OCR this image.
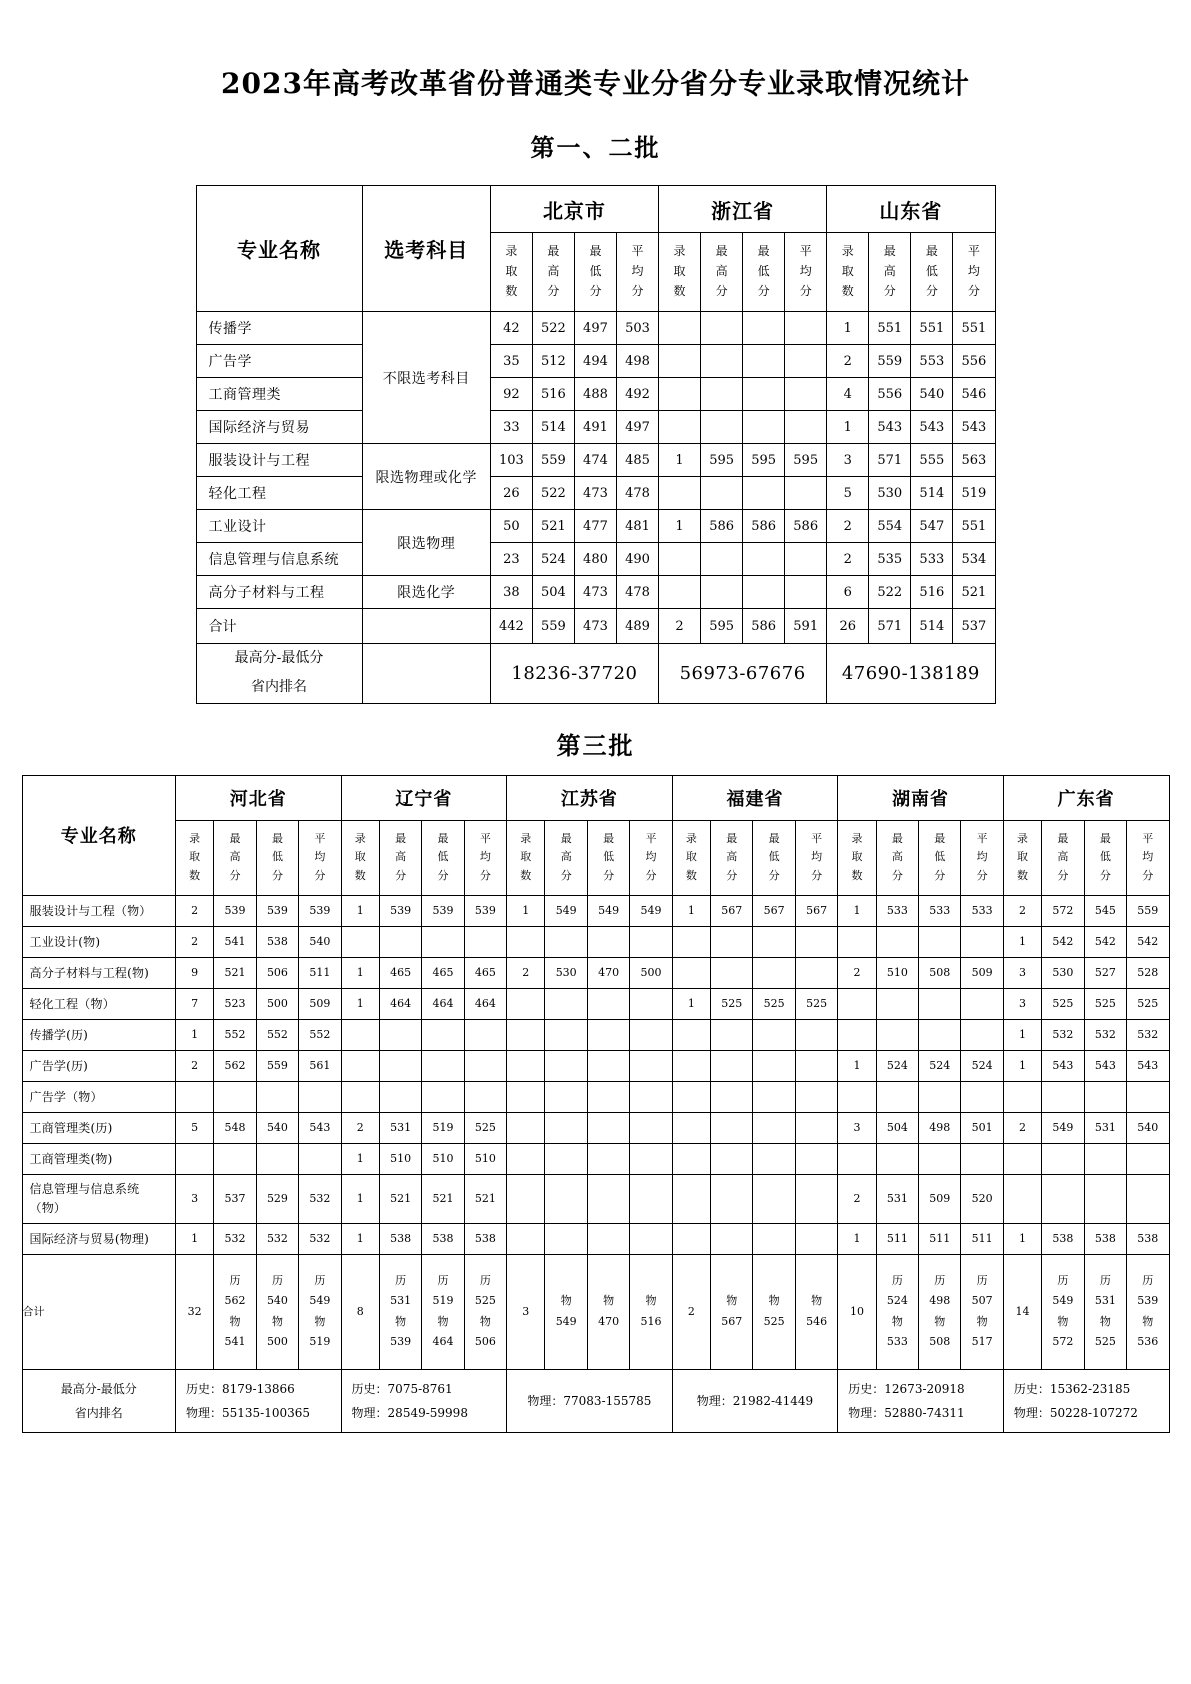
2023年高考改革省份普通类专业分省分专业录取情况统计
第一、二批
专业名称	选考科目	北京市				浙江省				山东省			

		录
取
数	最
高
分	最
低
分	平
均
分	录
取
数	最
高
分	最
低
分	平
均
分	录
取
数	最
高
分	最
低
分	平
均
分

传播学	不限选考科目	42	522	497	503					1	551	551	551
广告学		35	512	494	498					2	559	553	556
工商管理类		92	516	488	492					4	556	540	546
国际经济与贸易		33	514	491	497					1	543	543	543
服装设计与工程	限选物理或化学	103	559	474	485	1	595	595	595	3	571	555	563
轻化工程		26	522	473	478					5	530	514	519
工业设计	限选物理	50	521	477	481	1	586	586	586	2	554	547	551
信息管理与信息系统		23	524	480	490					2	535	533	534
高分子材料与工程	限选化学	38	504	473	478					6	522	516	521
合计		442	559	473	489	2	595	586	591	26	571	514	537

最高分-最低分
省内排名		18236-37720				56973-67676				47690-138189			
第三批
专业名称	河北省				辽宁省				江苏省				福建省				湖南省				广东省			

	录
取
数	最
高
分	最
低
分	平
均
分	录
取
数	最
高
分	最
低
分	平
均
分	录
取
数	最
高
分	最
低
分	平
均
分	录
取
数	最
高
分	最
低
分	平
均
分	录
取
数	最
高
分	最
低
分	平
均
分	录
取
数	最
高
分	最
低
分	平
均
分

服装设计与工程（物）	2	539	539	539	1	539	539	539	1	549	549	549	1	567	567	567	1	533	533	533	2	572	545	559
工业设计(物)	2	541	538	540																	1	542	542	542
高分子材料与工程(物)	9	521	506	511	1	465	465	465	2	530	470	500					2	510	508	509	3	530	527	528
轻化工程（物）	7	523	500	509	1	464	464	464					1	525	525	525					3	525	525	525
传播学(历)	1	552	552	552																	1	532	532	532
广告学(历)	2	562	559	561													1	524	524	524	1	543	543	543
广告学（物）																								
工商管理类(历)	5	548	540	543	2	531	519	525									3	504	498	501	2	549	531	540
工商管理类(物)					1	510	510	510																
信息管理与信息系统（物）	3	537	529	532	1	521	521	521									2	531	509	520				
国际经济与贸易(物理)	1	532	532	532	1	538	538	538									1	511	511	511	1	538	538	538
合计	32	历
562
物
541	历
540
物
500	历
549
物
519	8	历
531
物
539	历
519
物
464	历
525
物
506	3	物
549	物
470	物
516	2	物
567	物
525	物
546	10	历
524
物
533	历
498
物
508	历
507
物
517	14	历
549
物
572	历
531
物
525	历
539
物
536

最高分-最低分
省内排名	历史：8179-13866
物理：55135-100365				历史：7075-8761
物理：28549-59998				物理：77083-155785				物理：21982-41449				历史：12673-20918
物理：52880-74311				历史：15362-23185
物理：50228-107272			
